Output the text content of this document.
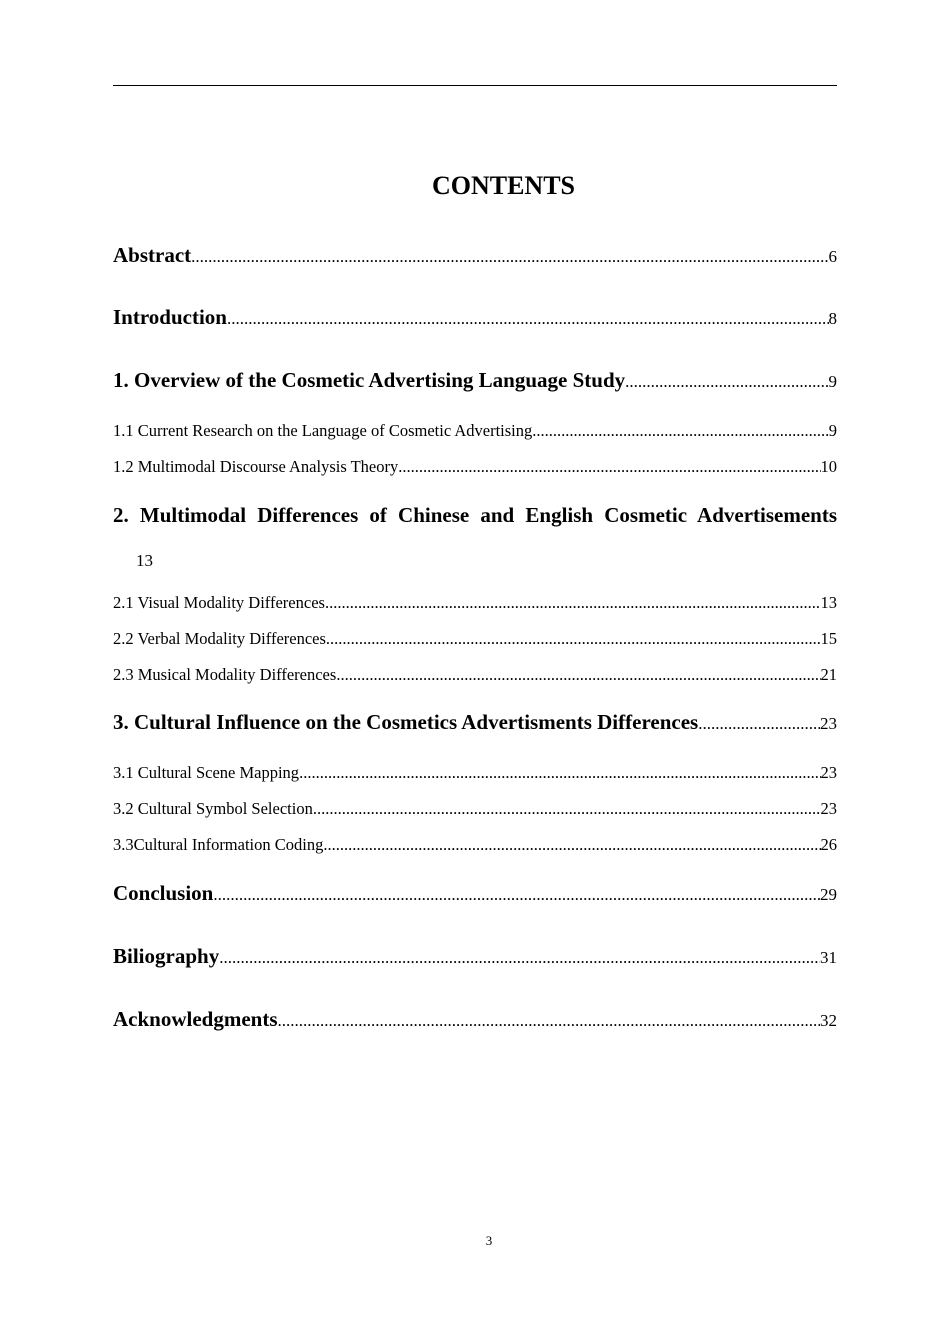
CONTENTS
Abstract .....	6
Introduction .....	8
1. Overview of the Cosmetic Advertising Language Study .....	9
1.1 Current Research on the Language of Cosmetic Advertising .....	9
1.2 Multimodal Discourse Analysis Theory .....	10
2. Multimodal Differences of Chinese and English Cosmetic Advertisements
13
2.1 Visual Modality Differences .....	13
2.2 Verbal Modality Differences .....	15
2.3 Musical Modality Differences .....	21
3. Cultural Influence on the Cosmetics Advertisments Differences .....	23
3.1 Cultural Scene Mapping .....	23
3.2 Cultural Symbol Selection .....	23
3.3Cultural Information Coding .....	26
Conclusion .....	29
Biliography .....	31
Acknowledgments .....	32
3
